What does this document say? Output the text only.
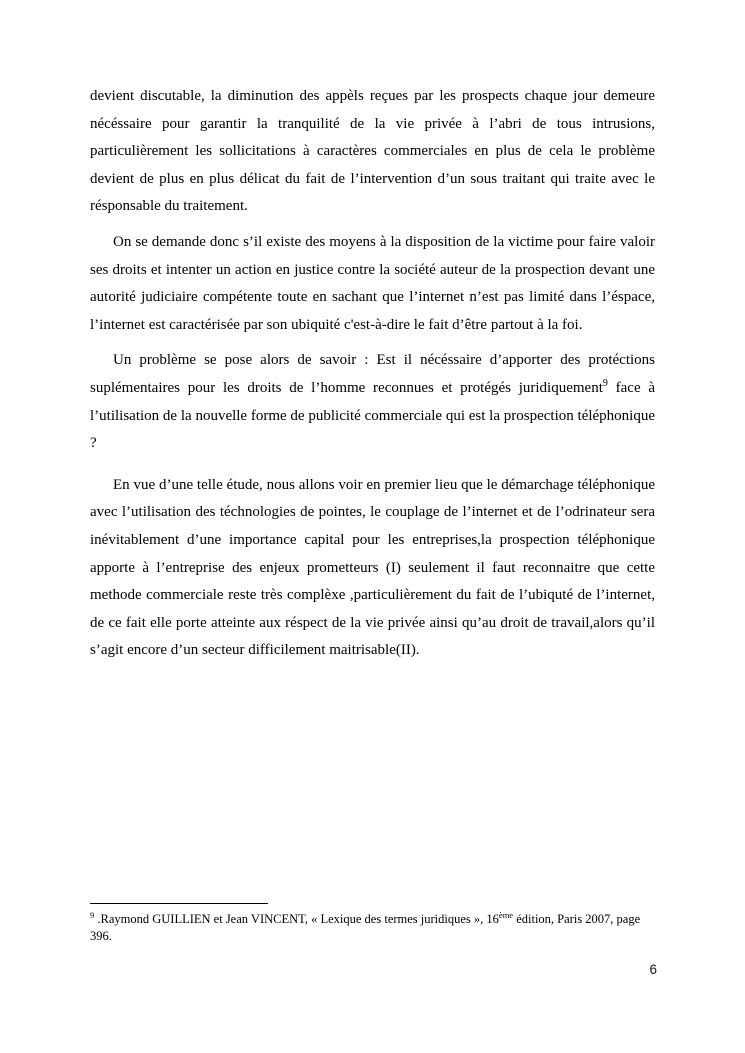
devient discutable, la diminution des appèls reçues par les prospects chaque jour demeure nécéssaire pour garantir la tranquilité de la vie privée à l’abri de tous intrusions, particulièrement les sollicitations à caractères commerciales en plus de cela le problème devient de plus en plus délicat du fait de l’intervention d’un sous traitant qui traite avec le résponsable du traitement.

On se demande donc s’il existe des moyens à la disposition de la victime pour faire valoir ses droits et intenter un action en justice contre la société auteur de la prospection devant une autorité judiciaire compétente toute en sachant que l’internet n’est pas limité dans l’éspace, l’internet est caractérisée par son ubiquité c'est-à-dire le fait d’être partout à la foi.

Un problème se pose alors de savoir : Est il nécéssaire d’apporter des protéctions suplémentaires pour les droits de l’homme reconnues et protégés juridiquement$^9$ face à l’utilisation de la nouvelle forme de publicité commerciale qui est la prospection téléphonique ?

En vue d’une telle étude, nous allons voir en premier lieu que le démarchage téléphonique avec l’utilisation des téchnologies de pointes, le couplage de l’internet et de l’odrinateur sera inévitablement d’une importance capital pour les entreprises,la prospection téléphonique apporte à l’entreprise des enjeux prometteurs (I) seulement il faut reconnaitre que cette methode commerciale reste très complèxe ,particulièrement du fait de l’ubiquté de l’internet, de ce fait elle porte atteinte aux réspect de la vie privée ainsi qu’au droit de travail,alors qu’il s’agit encore d’un secteur difficilement maitrisable(II).

$^9$ .Raymond GUILLIEN et Jean VINCENT, « Lexique des termes juridiques », 16ème édition, Paris 2007, page 396.
6
